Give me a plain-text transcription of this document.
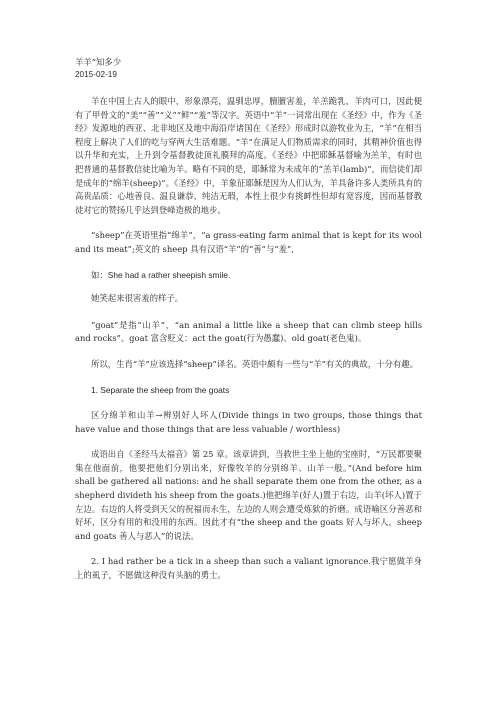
羊羊”知多少
2015-02-19

羊在中国上古人的眼中，形象漂亮，温驯忠厚，膻膻害羞，羊羔跪乳，羊肉可口，因此便有了甲骨文的“美”“善”“义”“鲜”“羞”等汉字。英语中“羊”一词常出现在《圣经》中，作为《圣经》发源地的西亚、北非地区及地中海沿岸诸国在《圣经》形成时以游牧业为主，“羊”在相当程度上解决了人们的吃与穿两大生活难题。“羊”在满足人们物质需求的同时，其精神价值也得以升华和充实，上升到令基督教徒顶礼膜拜的高度。《圣经》中把耶稣基督喻为羔羊，有时也把普通的基督教信徒比喻为羊。略有不同的是，耶稣常为未成年的“羔羊(lamb)”，而信徒们却是成年的“绵羊(sheep)”。《圣经》中，羊象征耶稣是因为人们认为，羊具备许多人类所具有的高贵品质：心地善良、温良谦恭、纯洁无瑕，本性上很少有挑衅性但却有宽容度，因而基督教徒对它的赞扬几乎达到登峰造极的地步。

“sheep”在英语里指“绵羊”，“a grass-eating farm animal that is kept for its wool and its meat”;英文的 sheep 具有汉语“羊”的“善”与“羞”,

如：She had a rather sheepish smile.

她笑起来很害羞的样子。

“goat”是指“山羊”，“an animal a little like a sheep that can climb steep hills and rocks”。goat 富含贬义：act the goat(行为愚蠢)、old goat(老色鬼)。

所以，生肖“羊”应该选择“sheep”译名。英语中颇有一些与“羊”有关的典故，十分有趣。

1. Separate the sheep from the goats

区分绵羊和山羊→辨别好人坏人(Divide things in two groups, those things that have value and those things that are less valuable / worthless)

成语出自《圣经马太福音》第 25 章。该章讲到，当救世主坐上他的宝座时，“万民都要聚集在他面前，他要把他们分别出来，好像牧羊的分别绵羊、山羊一般。”(And before him shall be gathered all nations: and he shall separate them one from the other, as a shepherd divideth his sheep from the goats.)他把绵羊(好人)置于右边，山羊(坏人)置于左边。右边的人将受到天父的祝福而永生，左边的人则会遭受炼狱的折磨。成语喻区分善恶和好坏，区分有用的和没用的东西。因此才有“the sheep and the goats 好人与坏人，sheep and goats 善人与恶人”的说法。

2. I had rather be a tick in a sheep than such a valiant ignorance.我宁愿做羊身上的虱子，不愿做这种没有头脑的勇士。
